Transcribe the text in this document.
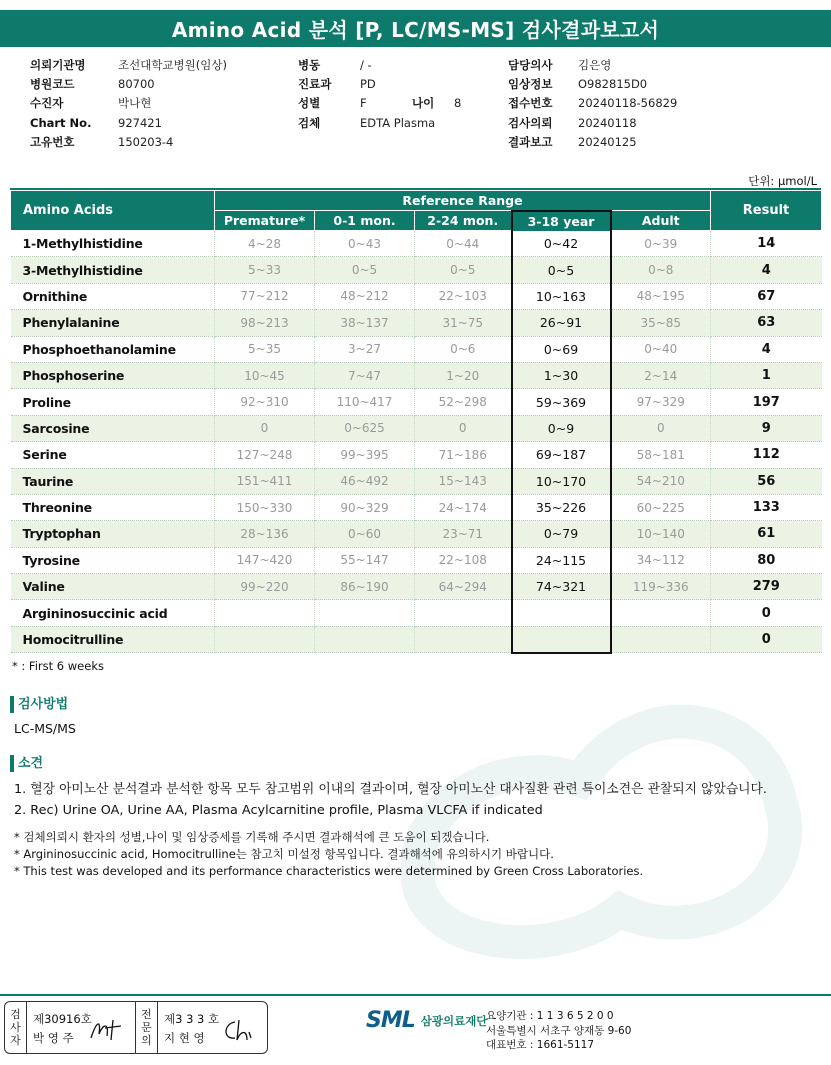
Amino Acid 분석 [P, LC/MS-MS] 검사결과보고서
의뢰기관명	조선대학교병원(임상)
병원코드	80700
수진자	박나현
Chart No.	927421
고유번호	150203-4
병동	/ -
진료과	PD
성별	F	나이	8
검체	EDTA Plasma
담당의사	김은영
임상정보	O982815D0
접수번호	20240118-56829
검사의뢰	20240118
결과보고	20240125
단위: μmol/L
Amino Acids	Reference Range					Result
	Premature*	0-1 mon.	2-24 mon.	3-18 year	Adult	
1-Methylhistidine	4~28	0~43	0~44	0~42	0~39	14
3-Methylhistidine	5~33	0~5	0~5	0~5	0~8	4
Ornithine	77~212	48~212	22~103	10~163	48~195	67
Phenylalanine	98~213	38~137	31~75	26~91	35~85	63
Phosphoethanolamine	5~35	3~27	0~6	0~69	0~40	4
Phosphoserine	10~45	7~47	1~20	1~30	2~14	1
Proline	92~310	110~417	52~298	59~369	97~329	197
Sarcosine	0	0~625	0	0~9	0	9
Serine	127~248	99~395	71~186	69~187	58~181	112
Taurine	151~411	46~492	15~143	10~170	54~210	56
Threonine	150~330	90~329	24~174	35~226	60~225	133
Tryptophan	28~136	0~60	23~71	0~79	10~140	61
Tyrosine	147~420	55~147	22~108	24~115	34~112	80
Valine	99~220	86~190	64~294	74~321	119~336	279
Argininosuccinic acid						0
Homocitrulline						0
* : First 6 weeks
검사방법
LC-MS/MS
소견
1. 혈장 아미노산 분석결과 분석한 항목 모두 참고범위 이내의 결과이며, 혈장 아미노산 대사질환 관련 특이소견은 관찰되지 않았습니다.
2. Rec) Urine OA, Urine AA, Plasma Acylcarnitine profile, Plasma VLCFA if indicated
* 검체의뢰시 환자의 성별,나이 및 임상증세를 기록해 주시면 결과해석에 큰 도움이 되겠습니다.
* Argininosuccinic acid, Homocitrulline는 참고치 미설정 항목입니다. 결과해석에 유의하시기 바랍니다.
* This test was developed and its performance characteristics were determined by Green Cross Laboratories.
검
사
자
제30916호
박 영 주
전
문
의
제3 3 3 호
지 현 영
SML 삼광의료재단
요양기관 : 1 1 3 6 5 2 0 0
서울특별시 서초구 양재동 9-60
대표번호 : 1661-5117
